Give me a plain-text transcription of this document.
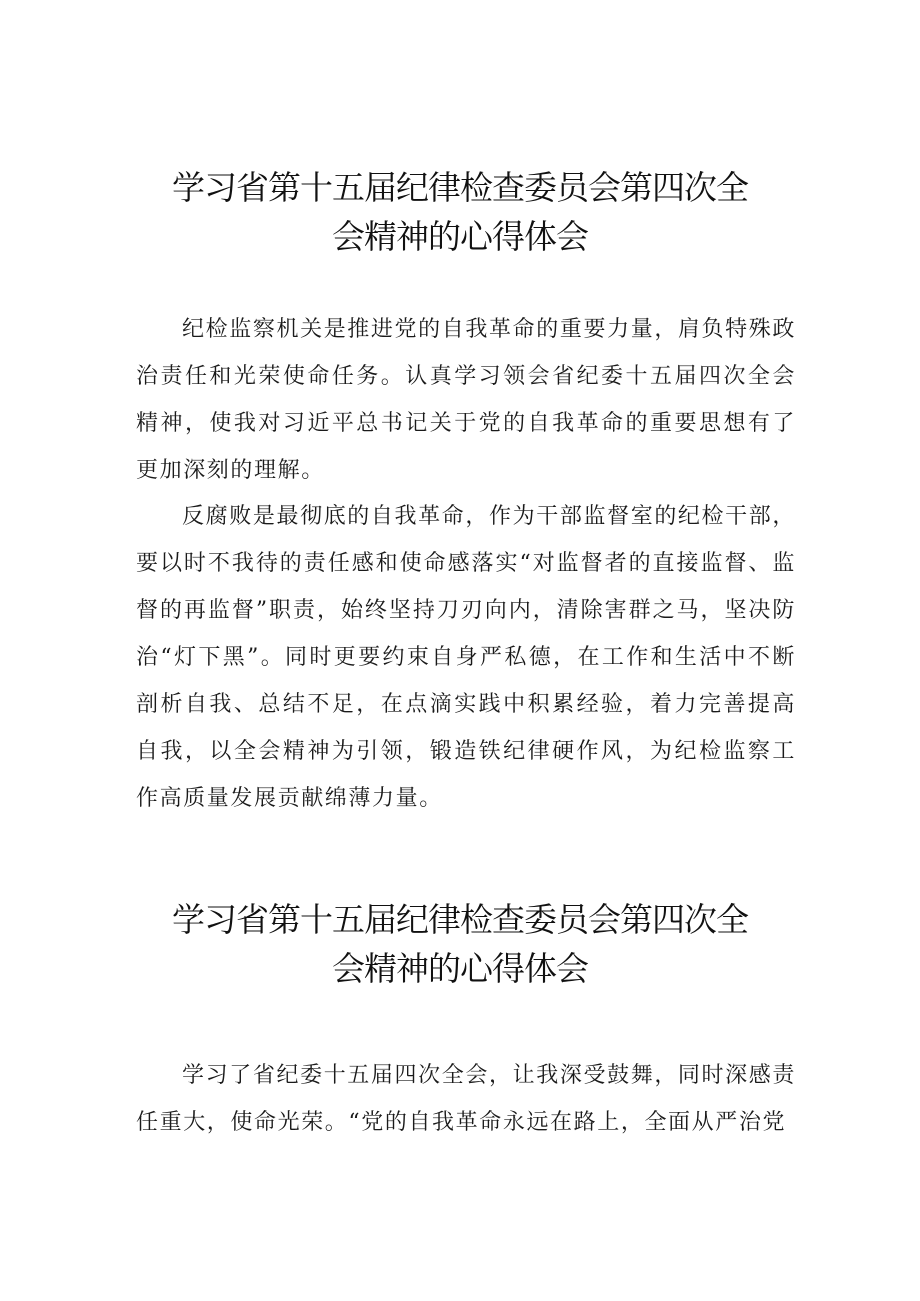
学习省第十五届纪律检查委员会第四次全
会精神的心得体会

纪检监察机关是推进党的自我革命的重要力量，肩负特殊政治责任和光荣使命任务。认真学习领会省纪委十五届四次全会精神，使我对习近平总书记关于党的自我革命的重要思想有了更加深刻的理解。

反腐败是最彻底的自我革命，作为干部监督室的纪检干部，要以时不我待的责任感和使命感落实“对监督者的直接监督、监督的再监督”职责，始终坚持刀刃向内，清除害群之马，坚决防治“灯下黑”。同时更要约束自身严私德，在工作和生活中不断剖析自我、总结不足，在点滴实践中积累经验，着力完善提高自我，以全会精神为引领，锻造铁纪律硬作风，为纪检监察工作高质量发展贡献绵薄力量。

学习省第十五届纪律检查委员会第四次全
会精神的心得体会

学习了省纪委十五届四次全会，让我深受鼓舞，同时深感责任重大，使命光荣。“党的自我革命永远在路上，全面从严治党
